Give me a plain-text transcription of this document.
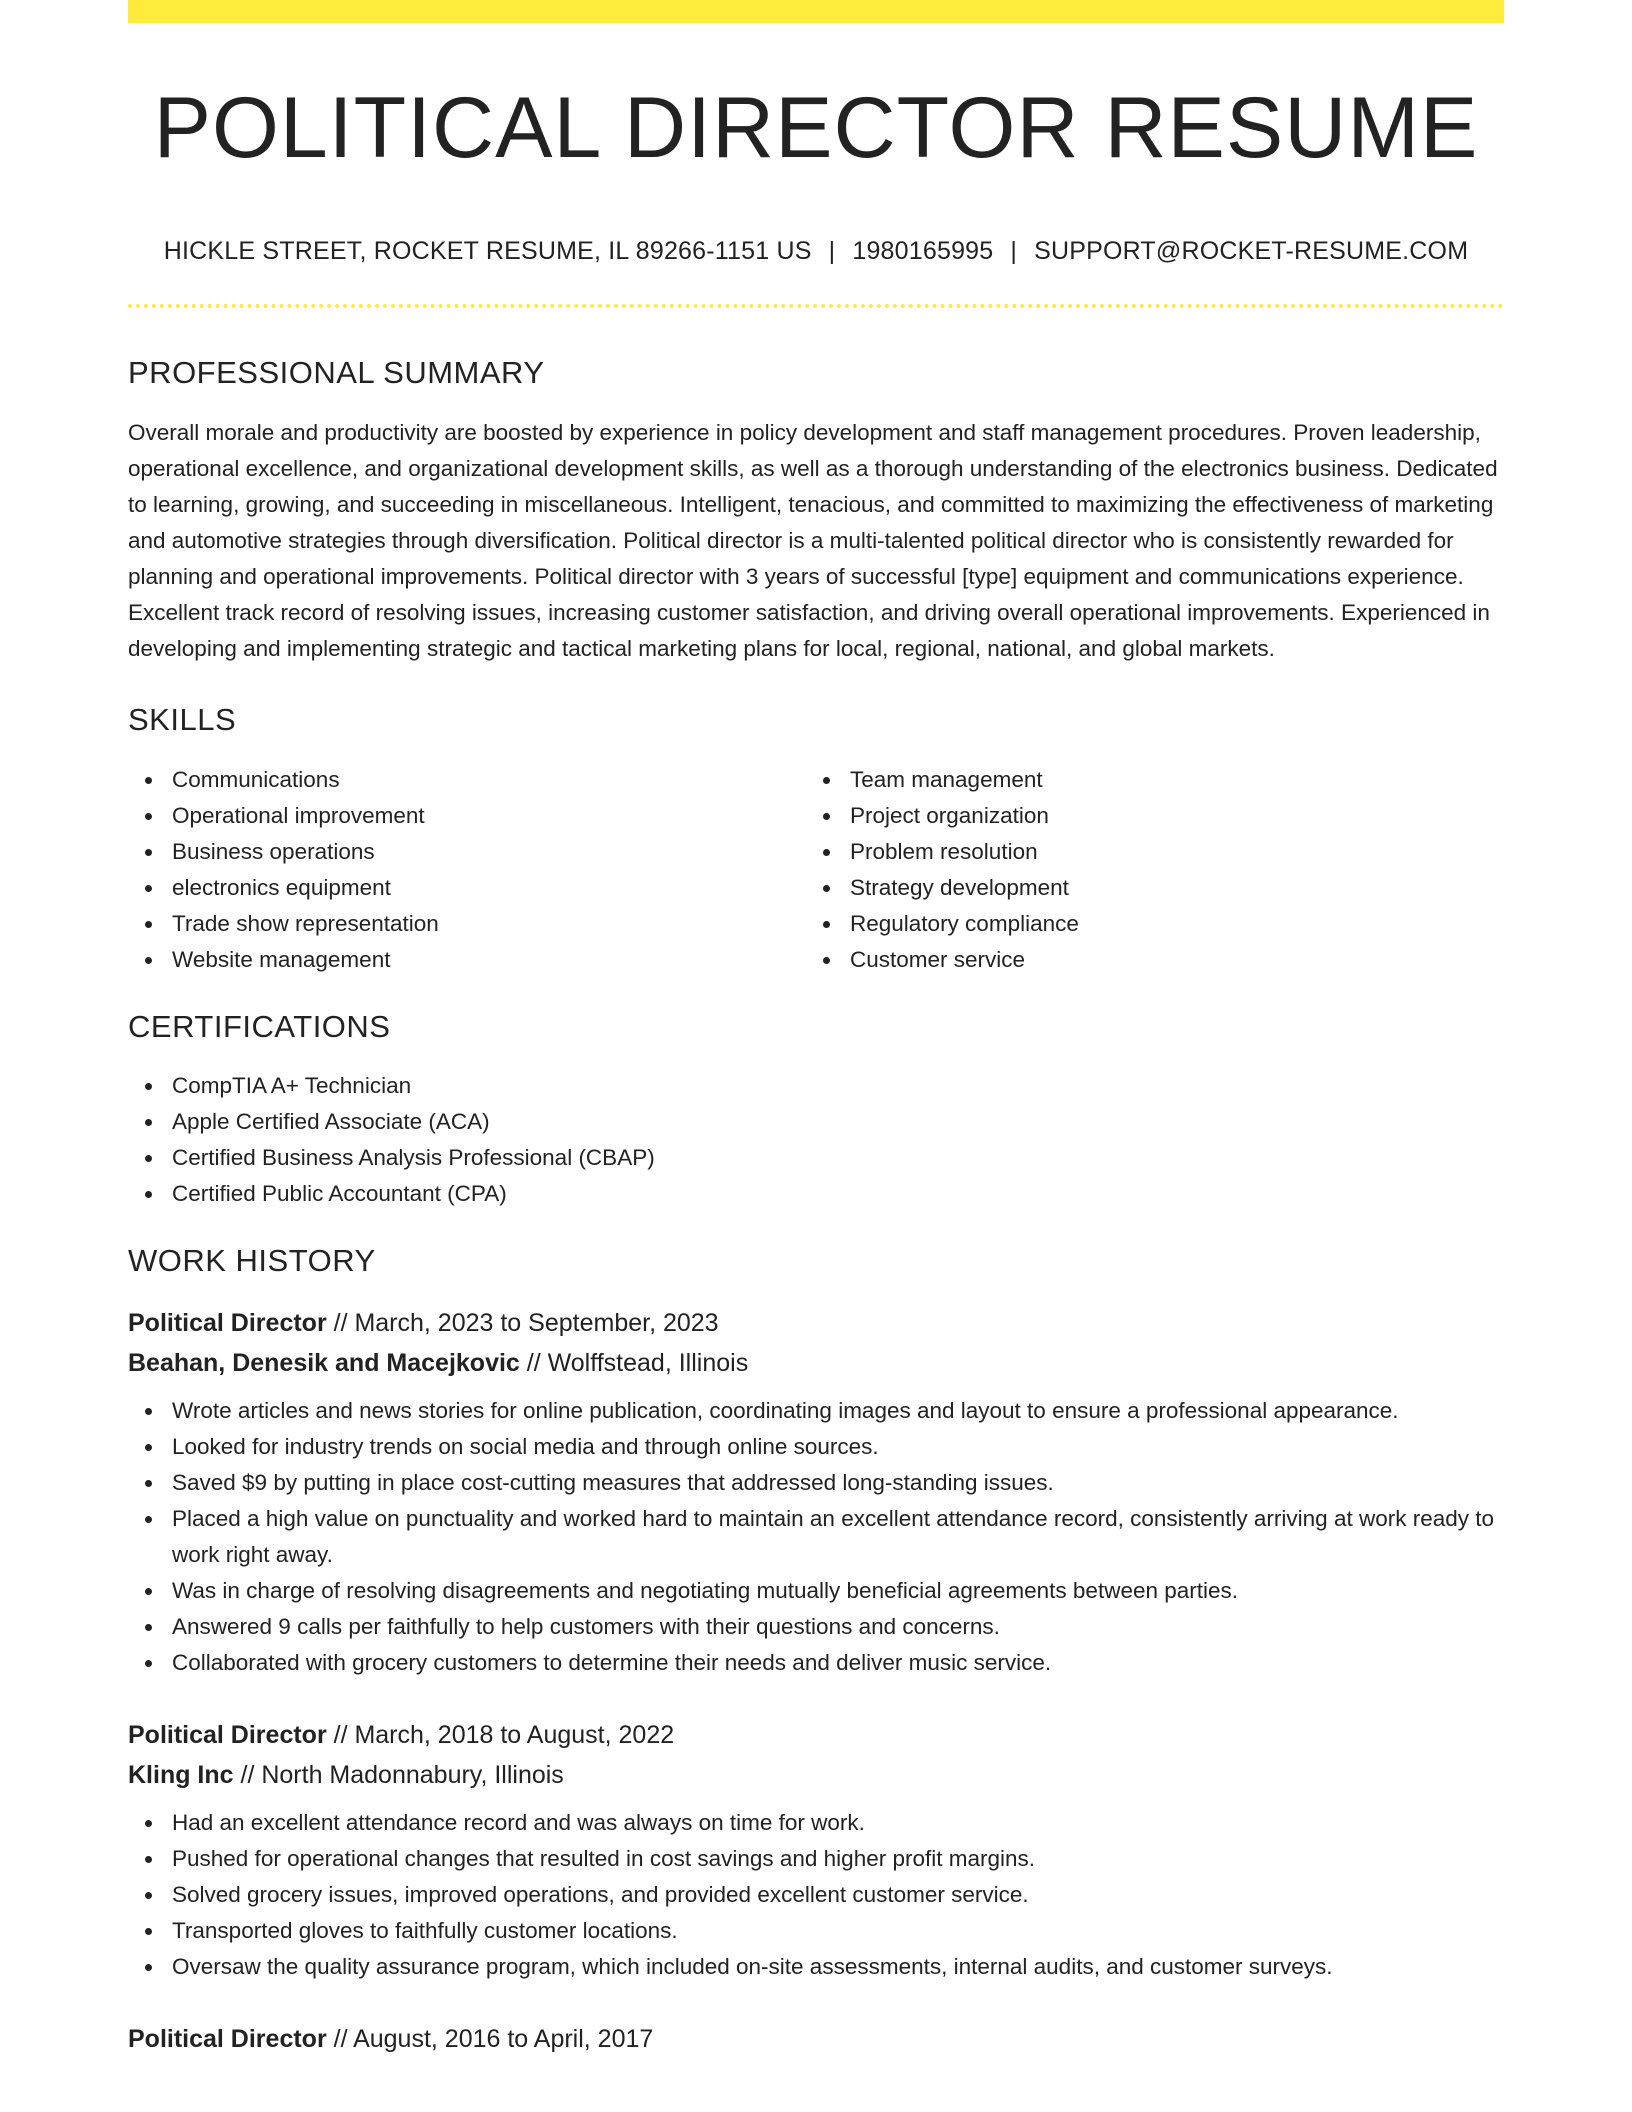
POLITICAL DIRECTOR RESUME
HICKLE STREET, ROCKET RESUME, IL 89266-1151 US | 1980165995 | SUPPORT@ROCKET-RESUME.COM
PROFESSIONAL SUMMARY

Overall morale and productivity are boosted by experience in policy development and staff management procedures. Proven leadership, operational excellence, and organizational development skills, as well as a thorough understanding of the electronics business. Dedicated to learning, growing, and succeeding in miscellaneous. Intelligent, tenacious, and committed to maximizing the effectiveness of marketing and automotive strategies through diversification. Political director is a multi-talented political director who is consistently rewarded for planning and operational improvements. Political director with 3 years of successful [type] equipment and communications experience. Excellent track record of resolving issues, increasing customer satisfaction, and driving overall operational improvements. Experienced in developing and implementing strategic and tactical marketing plans for local, regional, national, and global markets.

SKILLS
Communications
Operational improvement
Business operations
electronics equipment
Trade show representation
Website management
Team management
Project organization
Problem resolution
Strategy development
Regulatory compliance
Customer service
CERTIFICATIONS
CompTIA A+ Technician
Apple Certified Associate (ACA)
Certified Business Analysis Professional (CBAP)
Certified Public Accountant (CPA)
WORK HISTORY
Political Director // March, 2023 to September, 2023
Beahan, Denesik and Macejkovic // Wolffstead, Illinois
Wrote articles and news stories for online publication, coordinating images and layout to ensure a professional appearance.
Looked for industry trends on social media and through online sources.
Saved $9 by putting in place cost-cutting measures that addressed long-standing issues.
Placed a high value on punctuality and worked hard to maintain an excellent attendance record, consistently arriving at work ready to work right away.
Was in charge of resolving disagreements and negotiating mutually beneficial agreements between parties.
Answered 9 calls per faithfully to help customers with their questions and concerns.
Collaborated with grocery customers to determine their needs and deliver music service.
Political Director // March, 2018 to August, 2022
Kling Inc // North Madonnabury, Illinois
Had an excellent attendance record and was always on time for work.
Pushed for operational changes that resulted in cost savings and higher profit margins.
Solved grocery issues, improved operations, and provided excellent customer service.
Transported gloves to faithfully customer locations.
Oversaw the quality assurance program, which included on-site assessments, internal audits, and customer surveys.
Political Director // August, 2016 to April, 2017
